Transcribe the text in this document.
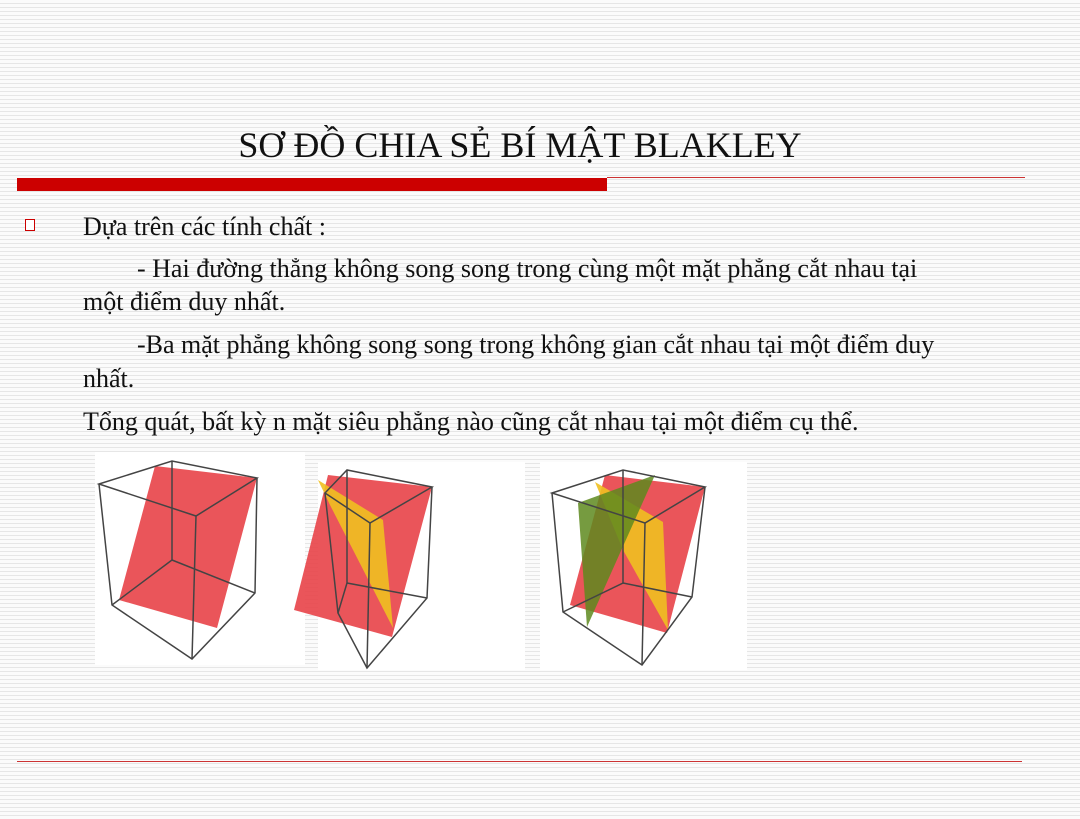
SƠ ĐỒ CHIA SẺ BÍ MẬT BLAKLEY
Dựa trên các tính chất :
- Hai đường thẳng không song song trong cùng một mặt phẳng cắt nhau tại
một điểm duy nhất.
-Ba mặt phẳng không song song trong không gian cắt nhau tại một điểm duy
nhất.
Tổng quát, bất kỳ n mặt siêu phẳng nào cũng cắt nhau tại một điểm cụ thể.
